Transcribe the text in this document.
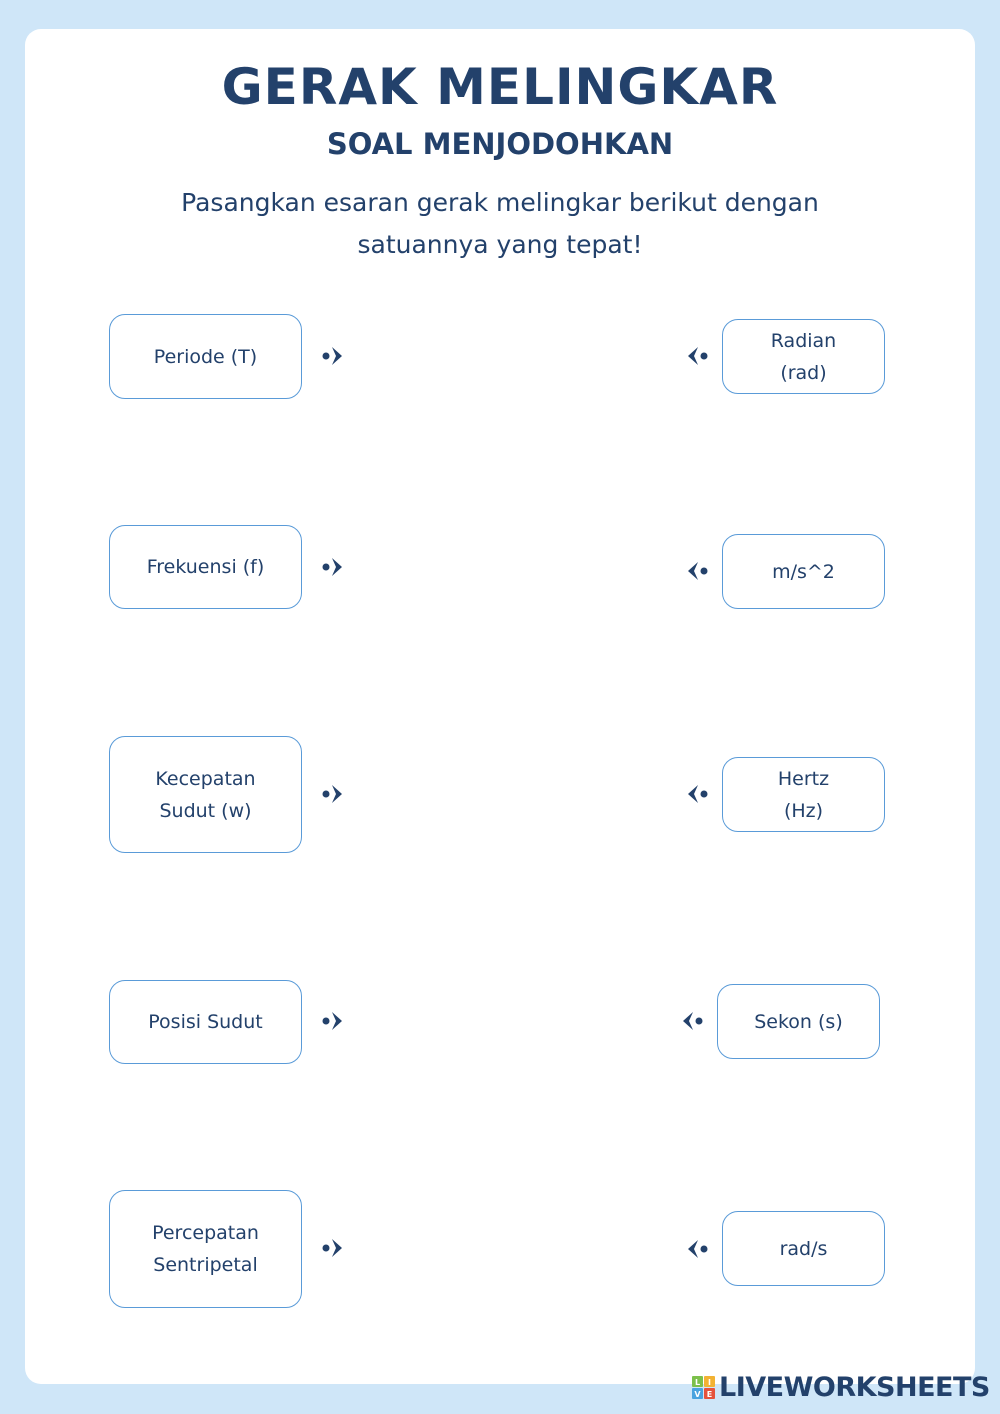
GERAK MELINGKAR
SOAL MENJODOHKAN
Pasangkan esaran gerak melingkar berikut dengan satuannya yang tepat!
Periode (T)
Frekuensi (f)
Kecepatan
Sudut (w)
Posisi Sudut
Percepatan
Sentripetal
Radian
(rad)
m/s^2
Hertz
(Hz)
Sekon (s)
rad/s
L I
V E LIVEWORKSHEETS
